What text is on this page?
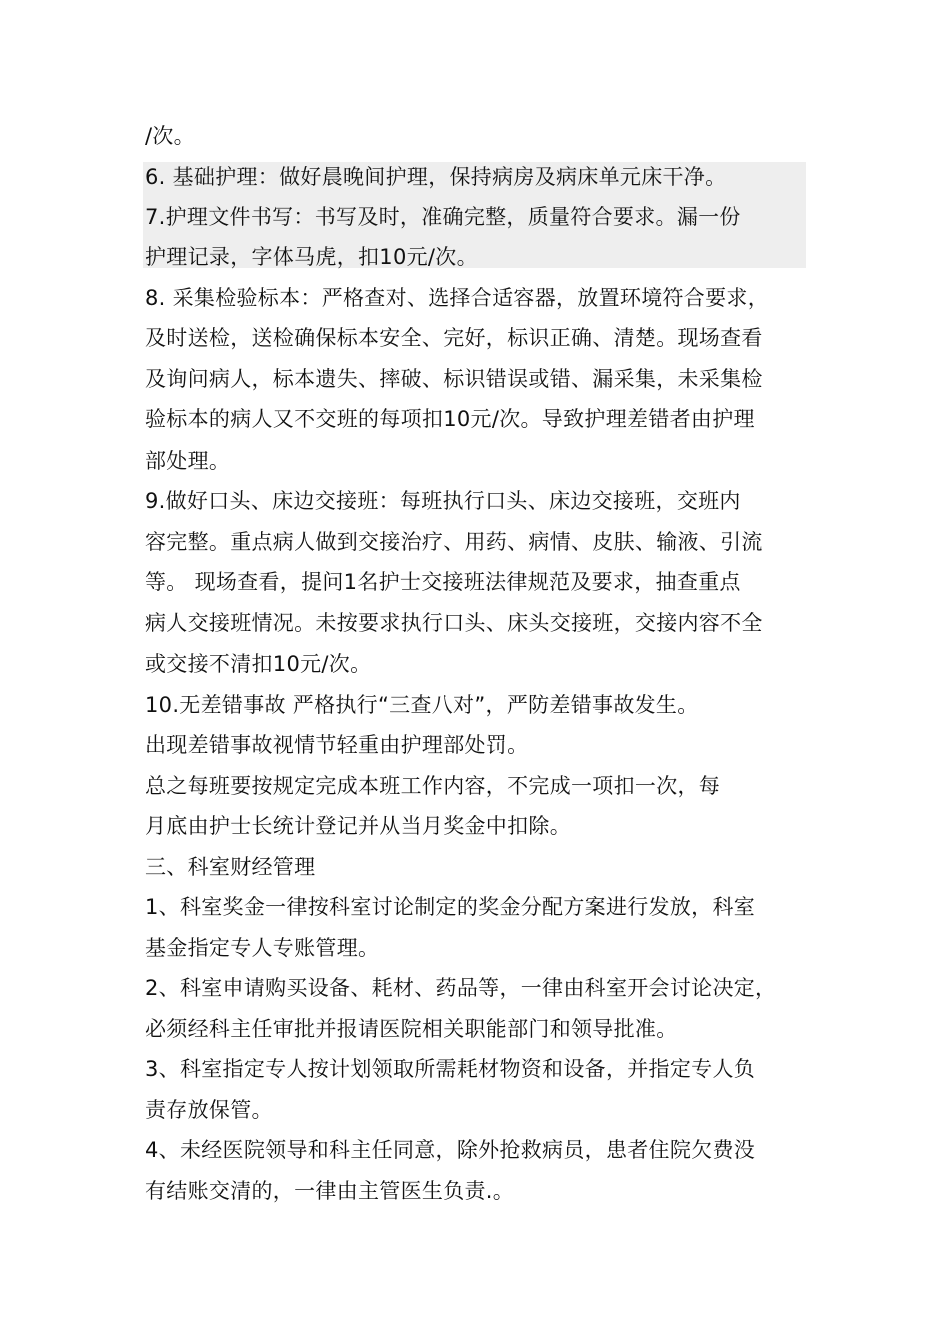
/次。
6. 基础护理：做好晨晚间护理，保持病房及病床单元床干净。
7.护理文件书写：书写及时，准确完整，质量符合要求。漏一份
护理记录，字体马虎，扣10元/次。
8. 采集检验标本：严格查对、选择合适容器，放置环境符合要求，
及时送检，送检确保标本安全、完好，标识正确、清楚。现场查看
及询问病人，标本遗失、摔破、标识错误或错、漏采集，未采集检
验标本的病人又不交班的每项扣10元/次。导致护理差错者由护理
部处理。
9.做好口头、床边交接班：每班执行口头、床边交接班，交班内
容完整。重点病人做到交接治疗、用药、病情、皮肤、输液、引流
等。 现场查看，提问1名护士交接班法律规范及要求，抽查重点
病人交接班情况。未按要求执行口头、床头交接班，交接内容不全
或交接不清扣10元/次。
10.无差错事故 严格执行“三查八对”，严防差错事故发生。
出现差错事故视情节轻重由护理部处罚。
总之每班要按规定完成本班工作内容，不完成一项扣一次，每
月底由护士长统计登记并从当月奖金中扣除。
三、科室财经管理
1、科室奖金一律按科室讨论制定的奖金分配方案进行发放，科室
基金指定专人专账管理。
2、科室申请购买设备、耗材、药品等，一律由科室开会讨论决定，
必须经科主任审批并报请医院相关职能部门和领导批准。
3、科室指定专人按计划领取所需耗材物资和设备，并指定专人负
责存放保管。
4、未经医院领导和科主任同意，除外抢救病员，患者住院欠费没
有结账交清的，一律由主管医生负责.。
